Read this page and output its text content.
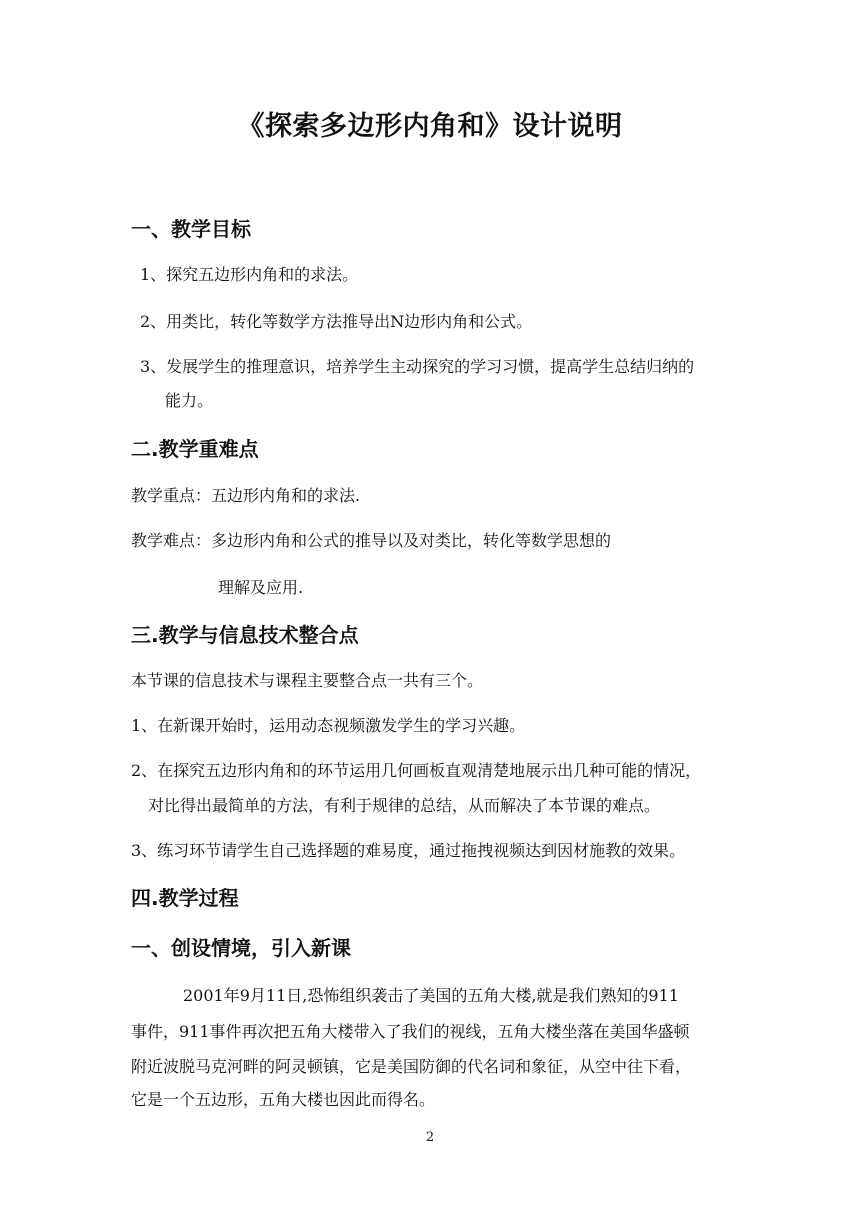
《探索多边形内角和》设计说明
一、教学目标
1、探究五边形内角和的求法。
2、用类比，转化等数学方法推导出N边形内角和公式。
3、发展学生的推理意识，培养学生主动探究的学习习惯，提高学生总结归纳的
能力。
二.教学重难点
教学重点：五边形内角和的求法.
教学难点：多边形内角和公式的推导以及对类比，转化等数学思想的
理解及应用.
三.教学与信息技术整合点
本节课的信息技术与课程主要整合点一共有三个。
1、在新课开始时，运用动态视频激发学生的学习兴趣。
2、在探究五边形内角和的环节运用几何画板直观清楚地展示出几种可能的情况，
对比得出最简单的方法，有利于规律的总结，从而解决了本节课的难点。
3、练习环节请学生自己选择题的难易度，通过拖拽视频达到因材施教的效果。
四.教学过程
一、创设情境，引入新课
2001年9月11日,恐怖组织袭击了美国的五角大楼,就是我们熟知的911
事件，911事件再次把五角大楼带入了我们的视线，五角大楼坐落在美国华盛顿
附近波脱马克河畔的阿灵顿镇，它是美国防御的代名词和象征，从空中往下看，
它是一个五边形，五角大楼也因此而得名。
2
